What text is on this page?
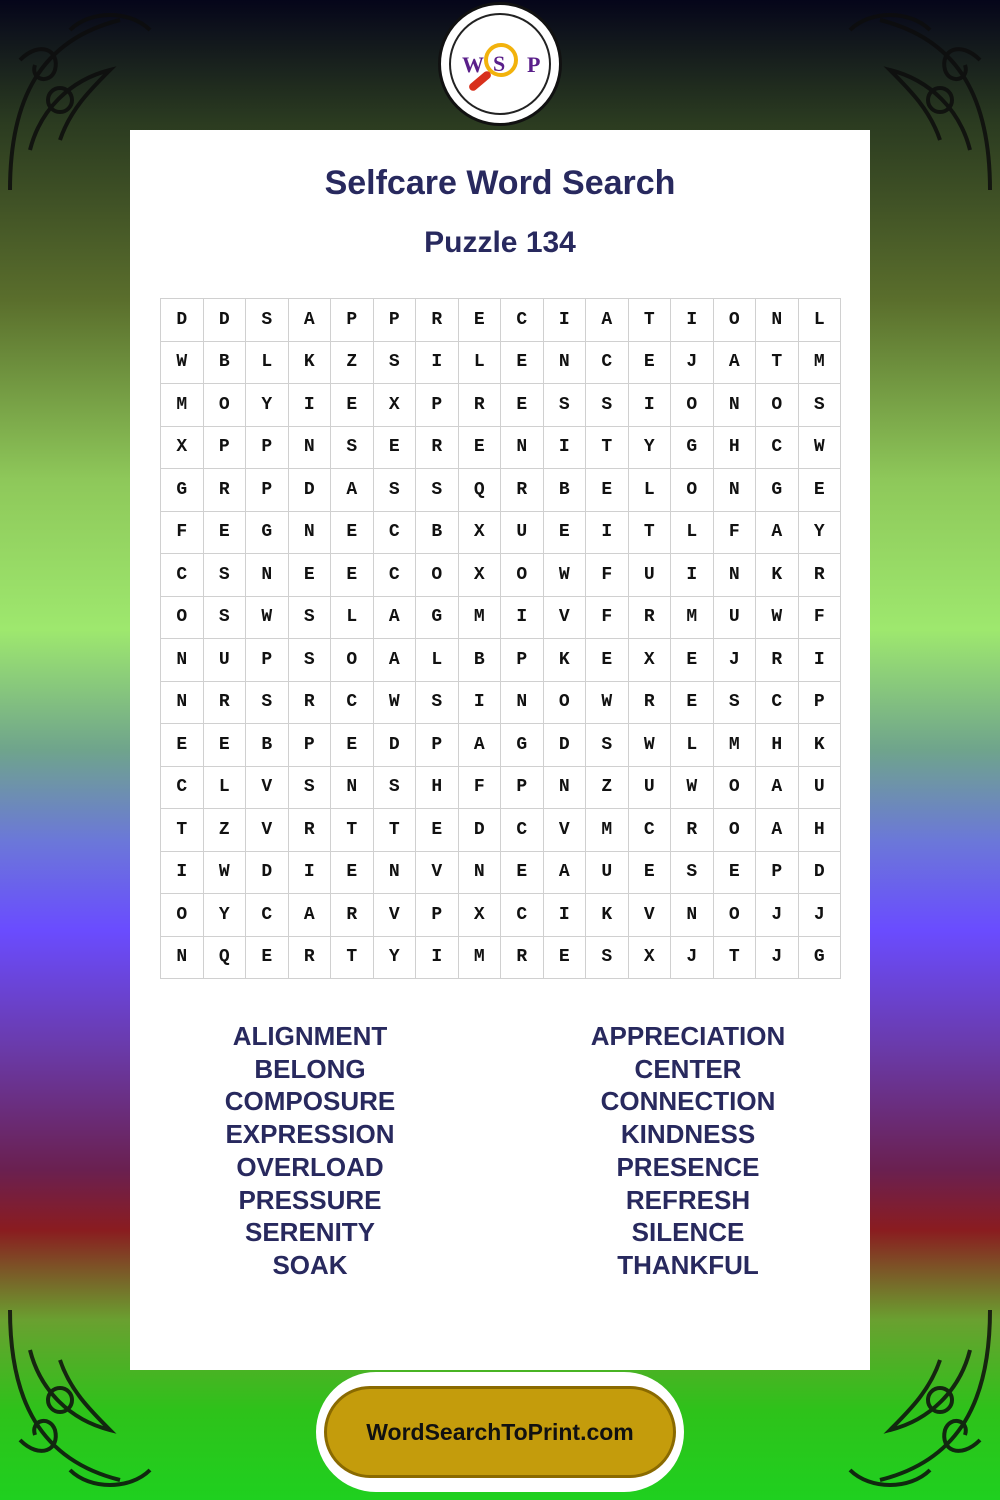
W S P
Selfcare Word Search
Puzzle 134
D	D	S	A	P	P	R	E	C	I	A	T	I	O	N	L
W	B	L	K	Z	S	I	L	E	N	C	E	J	A	T	M
M	O	Y	I	E	X	P	R	E	S	S	I	O	N	O	S
X	P	P	N	S	E	R	E	N	I	T	Y	G	H	C	W
G	R	P	D	A	S	S	Q	R	B	E	L	O	N	G	E
F	E	G	N	E	C	B	X	U	E	I	T	L	F	A	Y
C	S	N	E	E	C	O	X	O	W	F	U	I	N	K	R
O	S	W	S	L	A	G	M	I	V	F	R	M	U	W	F
N	U	P	S	O	A	L	B	P	K	E	X	E	J	R	I
N	R	S	R	C	W	S	I	N	O	W	R	E	S	C	P
E	E	B	P	E	D	P	A	G	D	S	W	L	M	H	K
C	L	V	S	N	S	H	F	P	N	Z	U	W	O	A	U
T	Z	V	R	T	T	E	D	C	V	M	C	R	O	A	H
I	W	D	I	E	N	V	N	E	A	U	E	S	E	P	D
O	Y	C	A	R	V	P	X	C	I	K	V	N	O	J	J
N	Q	E	R	T	Y	I	M	R	E	S	X	J	T	J	G
ALIGNMENT
BELONG
COMPOSURE
EXPRESSION
OVERLOAD
PRESSURE
SERENITY
SOAK
APPRECIATION
CENTER
CONNECTION
KINDNESS
PRESENCE
REFRESH
SILENCE
THANKFUL
WordSearchToPrint.com
